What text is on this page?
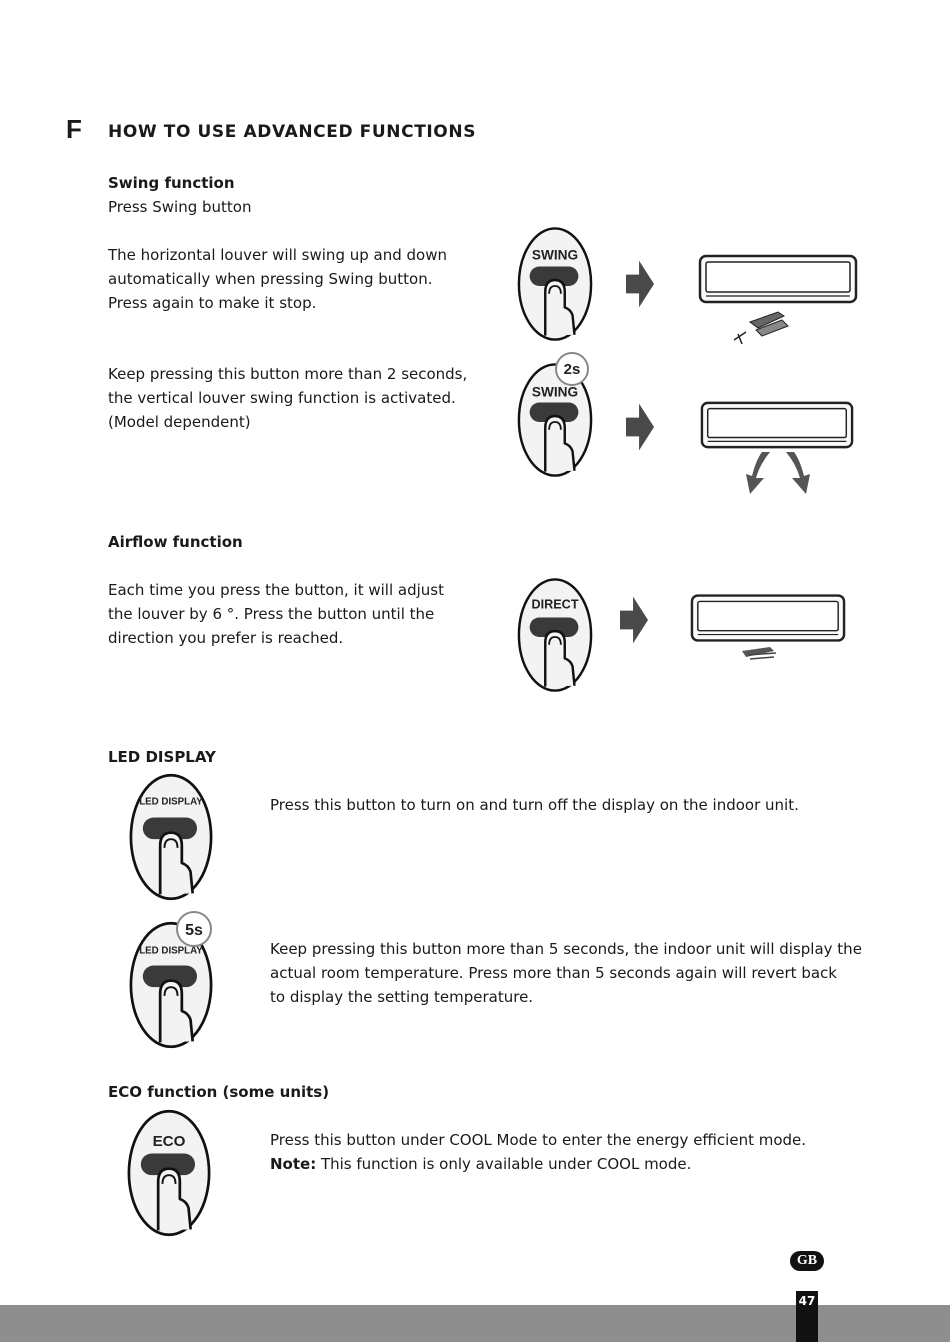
F HOW TO USE ADVANCED FUNCTIONS

Swing function

Press Swing button

The horizontal louver will swing up and down

automatically when pressing Swing button.

Press again to make it stop.

Keep pressing this button more than 2 seconds,

the vertical louver swing function is activated.

(Model dependent)

SWING
SWING
2s

Airflow function

Each time you press the button, it will adjust

the louver by 6 °. Press the button until the

direction you prefer is reached.

DIRECT

LED DISPLAY

LED DISPLAY	Press this button to turn on and turn off the display on the indoor unit.

LED DISPLAY
5s

Keep pressing this button more than 5 seconds, the indoor unit will display the

actual room temperature. Press more than 5 seconds again will revert back

to display the setting temperature.

ECO function (some units)

ECO	Press this button under COOL Mode to enter the energy efficient mode.

Note: This function is only available under COOL mode.

GB
47
